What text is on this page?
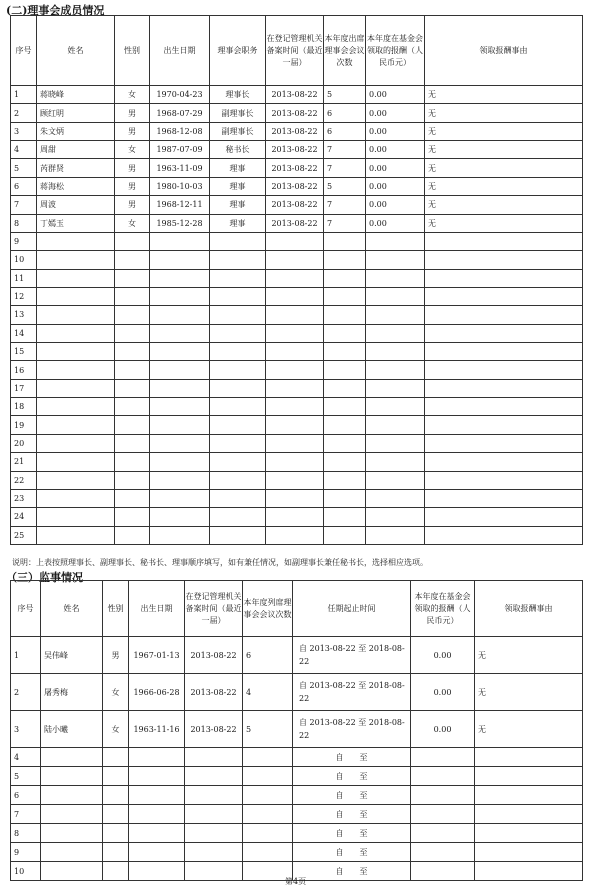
(二)理事会成员情况
序号	姓名	性别	出生日期	理事会职务	在登记管理机关备案时间（最近一届）	本年度出席理事会会议次数	本年度在基金会领取的报酬（人民币元）	领取报酬事由
1	蒋晓峰	女	1970-04-23	理事长	2013-08-22	5	0.00	无
2	顾红明	男	1968-07-29	副理事长	2013-08-22	6	0.00	无
3	朱文炳	男	1968-12-08	副理事长	2013-08-22	6	0.00	无
4	周甜	女	1987-07-09	秘书长	2013-08-22	7	0.00	无
5	芮群贤	男	1963-11-09	理事	2013-08-22	7	0.00	无
6	蒋海松	男	1980-10-03	理事	2013-08-22	5	0.00	无
7	周波	男	1968-12-11	理事	2013-08-22	7	0.00	无
8	丁嫣玉	女	1985-12-28	理事	2013-08-22	7	0.00	无
9								
10								
11								
12								
13								
14								
15								
16								
17								
18								
19								
20								
21								
22								
23								
24								
25								
说明：上表按照理事长、副理事长、秘书长、理事顺序填写，如有兼任情况，如副理事长兼任秘书长，选择相应选项。
（三）监事情况
序号	姓名	性别	出生日期	在登记管理机关备案时间（最近一届）	本年度列席理事会会议次数	任期起止时间	本年度在基金会领取的报酬（人民币元）	领取报酬事由
1	吴伟峰	男	1967-01-13	2013-08-22	6	自 2013-08-22 至 2018-08-22	0.00	无
2	屠秀梅	女	1966-06-28	2013-08-22	4	自 2013-08-22 至 2018-08-22	0.00	无
3	陆小曦	女	1963-11-16	2013-08-22	5	自 2013-08-22 至 2018-08-22	0.00	无
4						自　　至		
5						自　　至		
6						自　　至		
7						自　　至		
8						自　　至		
9						自　　至		
10						自　　至		
第4页
